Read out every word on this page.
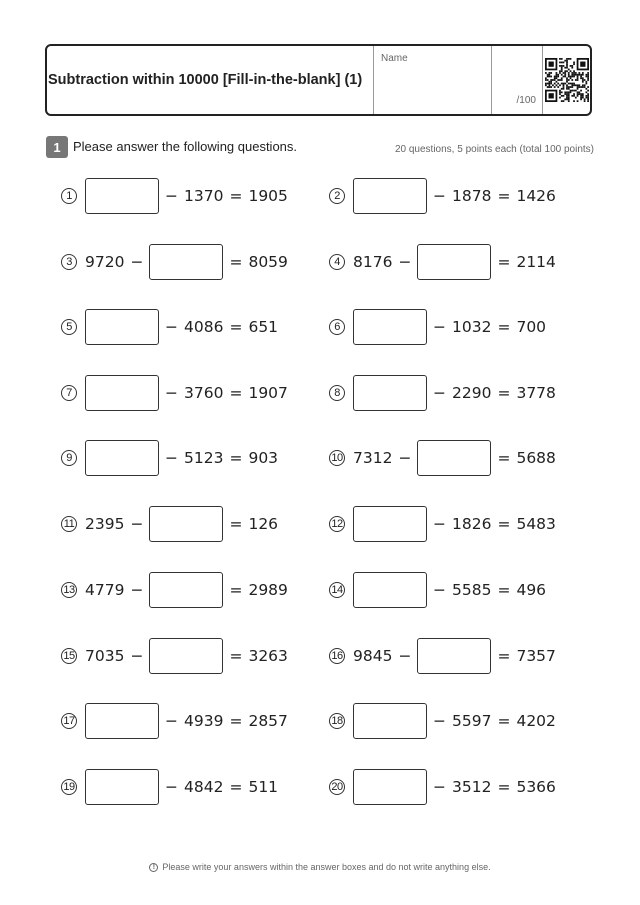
Subtraction within 10000 [Fill-in-the-blank] (1)
Name
/100
1 Please answer the following questions.	20 questions, 5 points each (total 100 points)
1	− 1370 = 1905	2	− 1878 = 1426
3 9720 −	= 8059	4 8176 −	= 2114
5	− 4086 = 651	6	− 1032 = 700
7	− 3760 = 1907	8	− 2290 = 3778
9	− 5123 = 903	10 7312 −	= 5688
11 2395 −	= 126	12	− 1826 = 5483
13 4779 −	= 2989	14	− 5585 = 496
15 7035 −	= 3263	16 9845 −	= 7357
17	− 4939 = 2857	18	− 5597 = 4202
19	− 4842 = 511	20	− 3512 = 5366
! Please write your answers within the answer boxes and do not write anything else.
